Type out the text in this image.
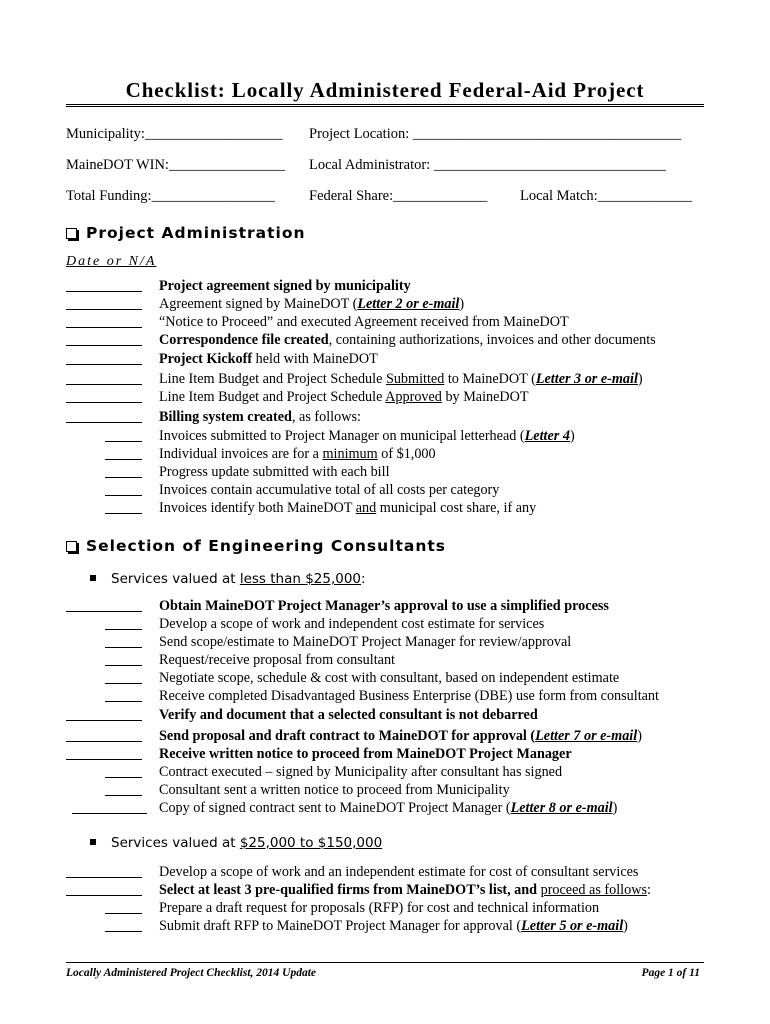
Checklist: Locally Administered Federal-Aid Project
Municipality:___________________ Project Location: _____________________________________
MaineDOT WIN:________________ Local Administrator: ________________________________
Total Funding:_________________ Federal Share:_____________ Local Match:_____________
Project Administration
Date or N/A
Project agreement signed by municipality
Agreement signed by MaineDOT (Letter 2 or e-mail)
“Notice to Proceed” and executed Agreement received from MaineDOT
Correspondence file created, containing authorizations, invoices and other documents
Project Kickoff held with MaineDOT
Line Item Budget and Project Schedule Submitted to MaineDOT (Letter 3 or e-mail)
Line Item Budget and Project Schedule Approved by MaineDOT
Billing system created, as follows:
Invoices submitted to Project Manager on municipal letterhead (Letter 4)
Individual invoices are for a minimum of $1,000
Progress update submitted with each bill
Invoices contain accumulative total of all costs per category
Invoices identify both MaineDOT and municipal cost share, if any
Selection of Engineering Consultants
Services valued at less than $25,000:
Obtain MaineDOT Project Manager’s approval to use a simplified process
Develop a scope of work and independent cost estimate for services
Send scope/estimate to MaineDOT Project Manager for review/approval
Request/receive proposal from consultant
Negotiate scope, schedule & cost with consultant, based on independent estimate
Receive completed Disadvantaged Business Enterprise (DBE) use form from consultant
Verify and document that a selected consultant is not debarred
Send proposal and draft contract to MaineDOT for approval (Letter 7 or e-mail)
Receive written notice to proceed from MaineDOT Project Manager
Contract executed – signed by Municipality after consultant has signed
Consultant sent a written notice to proceed from Municipality
Copy of signed contract sent to MaineDOT Project Manager (Letter 8 or e-mail)
Services valued at $25,000 to $150,000
Develop a scope of work and an independent estimate for cost of consultant services
Select at least 3 pre-qualified firms from MaineDOT’s list, and proceed as follows:
Prepare a draft request for proposals (RFP) for cost and technical information
Submit draft RFP to MaineDOT Project Manager for approval (Letter 5 or e-mail)
Locally Administered Project Checklist, 2014 Update	Page 1 of 11
